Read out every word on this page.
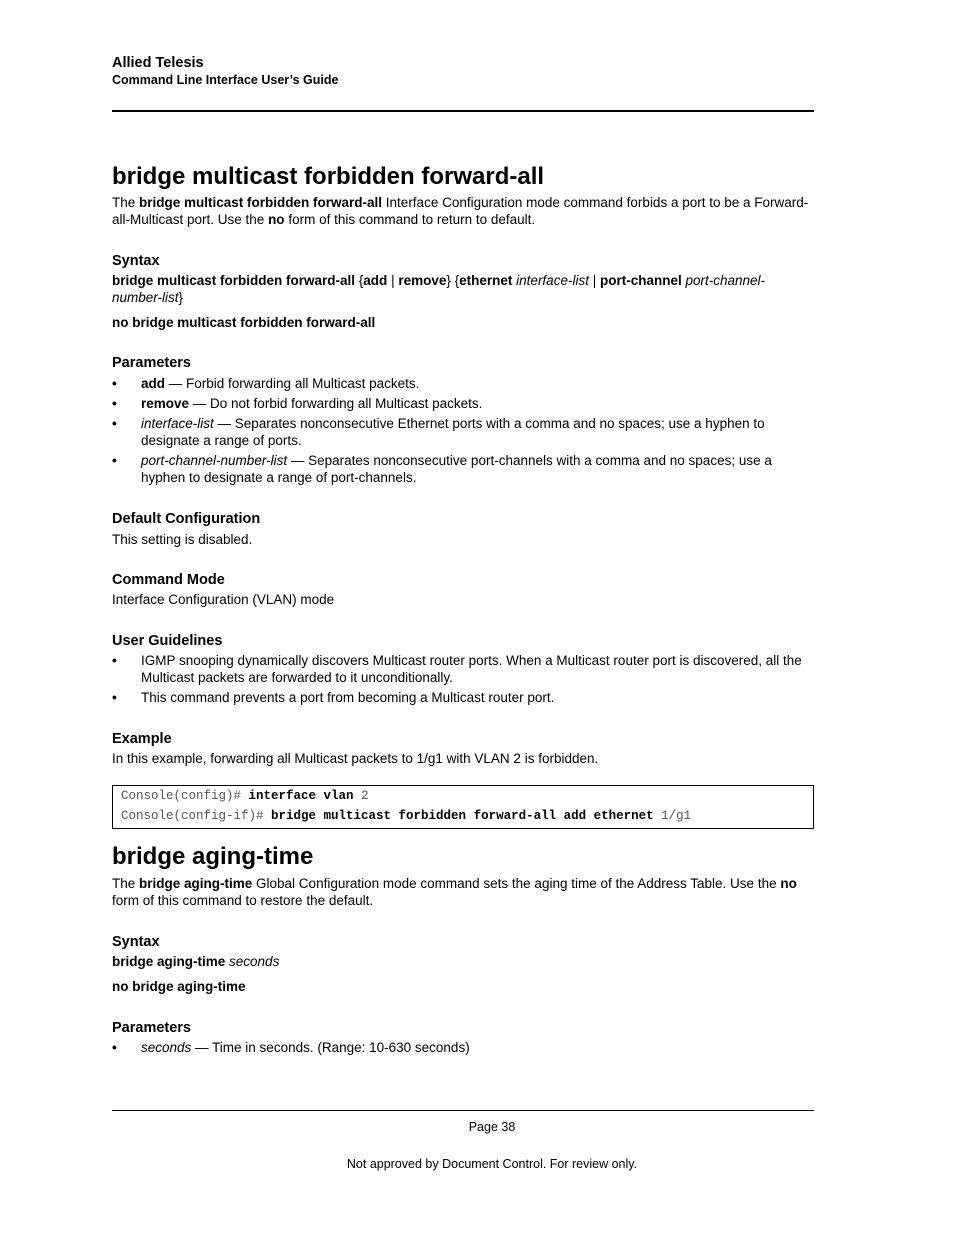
Allied Telesis
Command Line Interface User’s Guide
bridge multicast forbidden forward-all

The bridge multicast forbidden forward-all Interface Configuration mode command forbids a port to be a Forward-all-Multicast port. Use the no form of this command to return to default.

Syntax
bridge multicast forbidden forward-all {add | remove} {ethernet interface-list | port-channel port-channel-number-list}
no bridge multicast forbidden forward-all
Parameters
• add — Forbid forwarding all Multicast packets.
• remove — Do not forbid forwarding all Multicast packets.
• interface-list — Separates nonconsecutive Ethernet ports with a comma and no spaces; use a hyphen to designate a range of ports.
• port-channel-number-list — Separates nonconsecutive port-channels with a comma and no spaces; use a hyphen to designate a range of port-channels.
Default Configuration

This setting is disabled.

Command Mode

Interface Configuration (VLAN) mode

User Guidelines
• IGMP snooping dynamically discovers Multicast router ports. When a Multicast router port is discovered, all the Multicast packets are forwarded to it unconditionally.
• This command prevents a port from becoming a Multicast router port.
Example

In this example, forwarding all Multicast packets to 1/g1 with VLAN 2 is forbidden.

Console(config)# interface vlan 2
Console(config-if)# bridge multicast forbidden forward-all add ethernet 1/g1
bridge aging-time

The bridge aging-time Global Configuration mode command sets the aging time of the Address Table. Use the no form of this command to restore the default.

Syntax
bridge aging-time seconds
no bridge aging-time
Parameters
• seconds — Time in seconds. (Range: 10-630 seconds)
Page 38
Not approved by Document Control. For review only.
